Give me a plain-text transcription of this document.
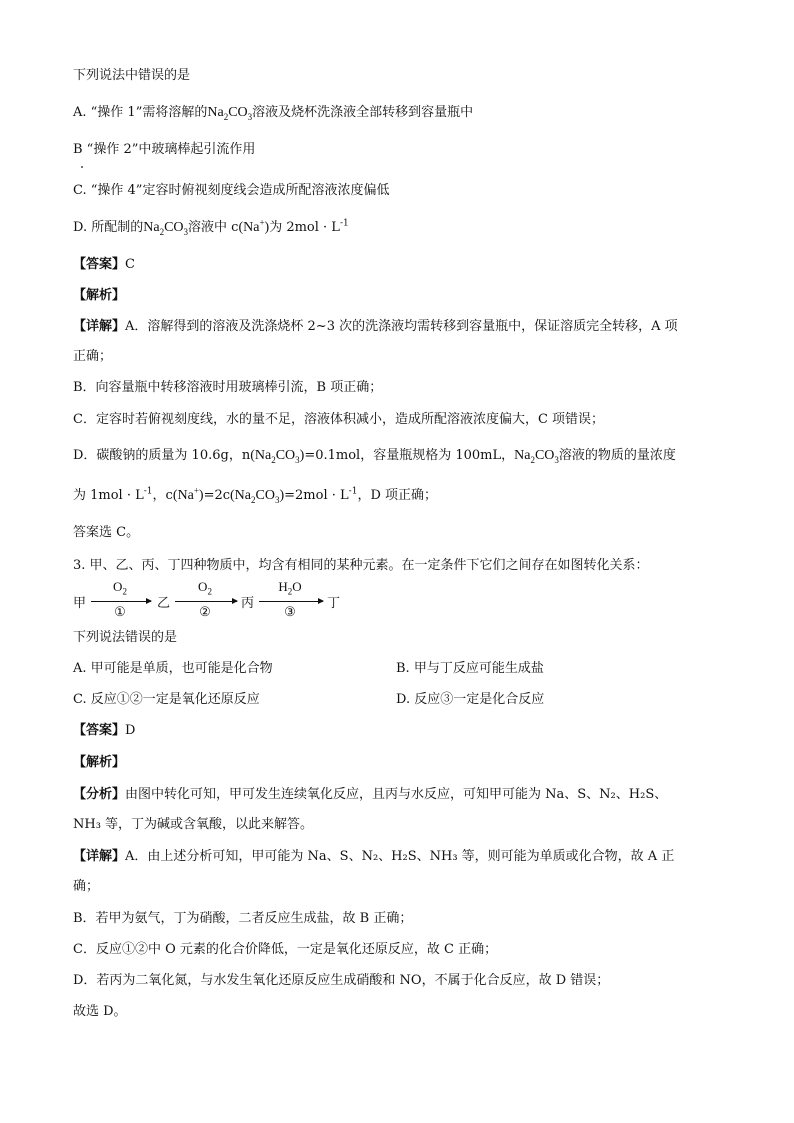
下列说法中错误的是
A. “操作 1”需将溶解的$Na_2CO_3$溶液及烧杯洗涤液全部转移到容量瓶中
B “操作 2”中玻璃棒起引流作用
C. “操作 4”定容时俯视刻度线会造成所配溶液浓度偏低
D. 所配制的$Na_2CO_3$溶液中 c(Na+)为 $2mol \cdot L^{-1}$
【答案】C
【解析】
【详解】A．溶解得到的溶液及洗涤烧杯 2~3 次的洗涤液均需转移到容量瓶中，保证溶质完全转移，A 项
正确；
B．向容量瓶中转移溶液时用玻璃棒引流，B 项正确；
C．定容时若俯视刻度线，水的量不足，溶液体积减小，造成所配溶液浓度偏大，C 项错误；
D．碳酸钠的质量为 10.6g，$n(Na_2CO_3)=0.1mol$，容量瓶规格为 100mL，$Na_2CO_3$溶液的物质的量浓度
为 $1mol \cdot L^{-1}$，$c(Na^+)=2c(Na_2CO_3)=2mol \cdot L^{-1}$，D 项正确；
答案选 C。
3. 甲、乙、丙、丁四种物质中，均含有相同的某种元素。在一定条件下它们之间存在如图转化关系：
甲
$O_2$
①
乙
$O_2$
②
丙
$H_2O$
③
丁
下列说法错误的是
A. 甲可能是单质，也可能是化合物	B. 甲与丁反应可能生成盐
C. 反应①②一定是氧化还原反应	D. 反应③一定是化合反应
【答案】D
【解析】
【分析】由图中转化可知，甲可发生连续氧化反应，且丙与水反应，可知甲可能为 Na、S、N₂、H₂S、
NH₃ 等，丁为碱或含氧酸，以此来解答。
【详解】A．由上述分析可知，甲可能为 Na、S、N₂、H₂S、NH₃ 等，则可能为单质或化合物，故 A 正
确；
B．若甲为氨气，丁为硝酸，二者反应生成盐，故 B 正确；
C．反应①②中 O 元素的化合价降低，一定是氧化还原反应，故 C 正确；
D．若丙为二氧化氮，与水发生氧化还原反应生成硝酸和 NO，不属于化合反应，故 D 错误；
故选 D。
